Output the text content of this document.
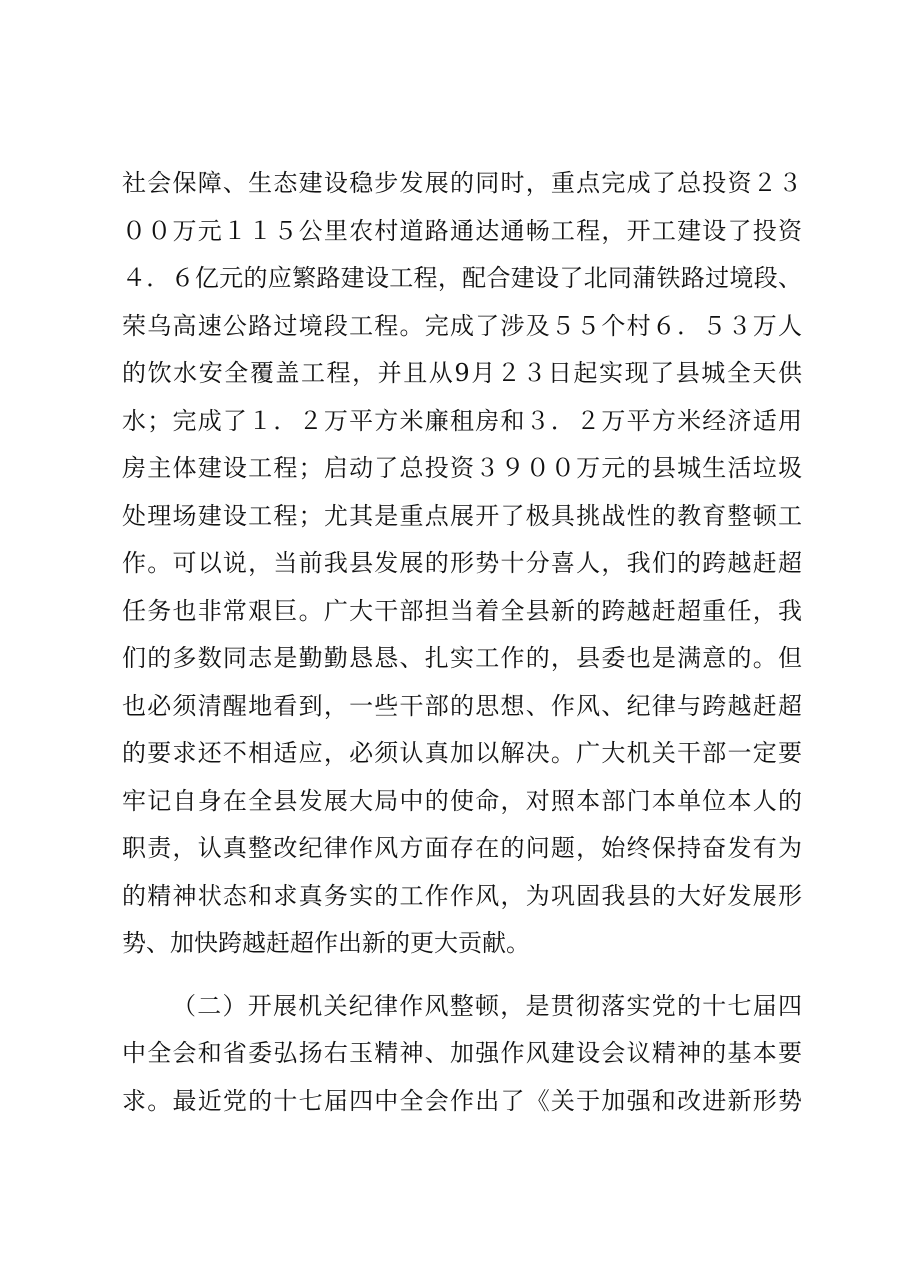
社会保障、生态建设稳步发展的同时，重点完成了总投资２３
００万元１１５公里农村道路通达通畅工程，开工建设了投资
４．６亿元的应繁路建设工程，配合建设了北同蒲铁路过境段、
荣乌高速公路过境段工程。完成了涉及５５个村６．５３万人
的饮水安全覆盖工程，并且从9月２３日起实现了县城全天供
水；完成了１．２万平方米廉租房和３．２万平方米经济适用
房主体建设工程；启动了总投资３９００万元的县城生活垃圾
处理场建设工程；尤其是重点展开了极具挑战性的教育整顿工
作。可以说，当前我县发展的形势十分喜人，我们的跨越赶超
任务也非常艰巨。广大干部担当着全县新的跨越赶超重任，我
们的多数同志是勤勤恳恳、扎实工作的，县委也是满意的。但
也必须清醒地看到，一些干部的思想、作风、纪律与跨越赶超
的要求还不相适应，必须认真加以解决。广大机关干部一定要
牢记自身在全县发展大局中的使命，对照本部门本单位本人的
职责，认真整改纪律作风方面存在的问题，始终保持奋发有为
的精神状态和求真务实的工作作风，为巩固我县的大好发展形
势、加快跨越赶超作出新的更大贡献。
（二）开展机关纪律作风整顿，是贯彻落实党的十七届四
中全会和省委弘扬右玉精神、加强作风建设会议精神的基本要
求。最近党的十七届四中全会作出了《关于加强和改进新形势
